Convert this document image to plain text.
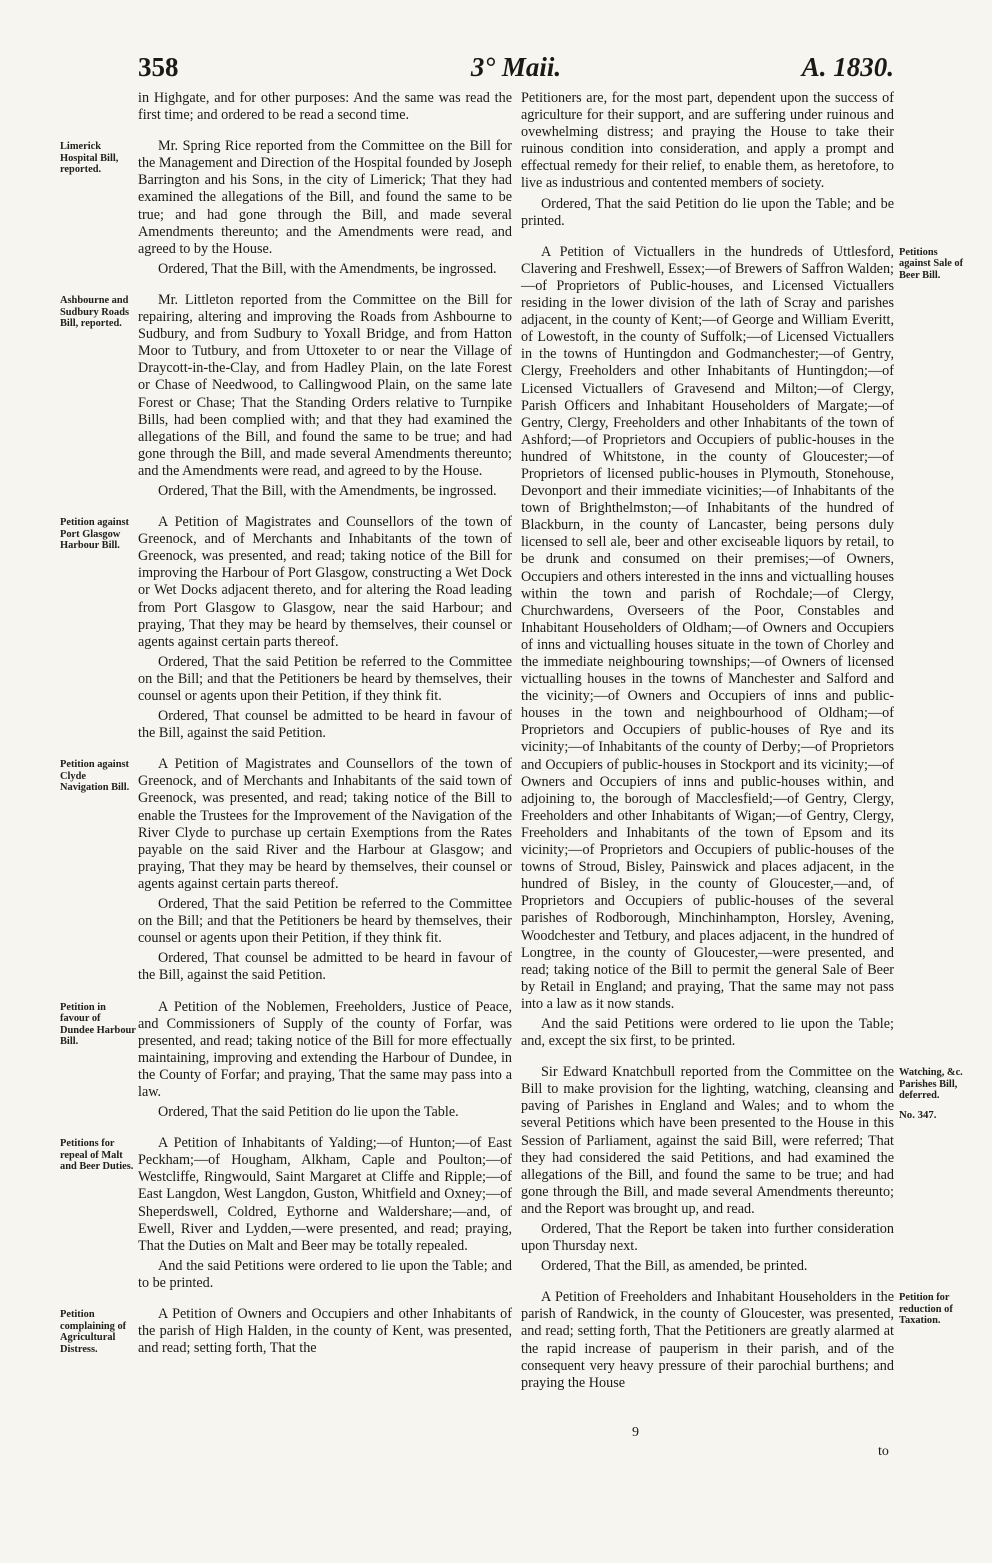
358	3° Maii.	A. 1830.

in Highgate, and for other purposes: And the same was read the first time; and ordered to be read a second time.

Limerick Hospital Bill, reported.

Mr. Spring Rice reported from the Committee on the Bill for the Management and Direction of the Hospital founded by Joseph Barrington and his Sons, in the city of Limerick; That they had examined the allegations of the Bill, and found the same to be true; and had gone through the Bill, and made several Amendments thereunto; and the Amendments were read, and agreed to by the House.

Ordered, That the Bill, with the Amendments, be ingrossed.

Ashbourne and Sudbury Roads Bill, reported.

Mr. Littleton reported from the Committee on the Bill for repairing, altering and improving the Roads from Ashbourne to Sudbury, and from Sudbury to Yoxall Bridge, and from Hatton Moor to Tutbury, and from Uttoxeter to or near the Village of Draycott-in-the-Clay, and from Hadley Plain, on the late Forest or Chase of Needwood, to Callingwood Plain, on the same late Forest or Chase; That the Standing Orders relative to Turnpike Bills, had been complied with; and that they had examined the allegations of the Bill, and found the same to be true; and had gone through the Bill, and made several Amendments thereunto; and the Amendments were read, and agreed to by the House.

Ordered, That the Bill, with the Amendments, be ingrossed.

Petition against Port Glasgow Harbour Bill.

A Petition of Magistrates and Counsellors of the town of Greenock, and of Merchants and Inhabitants of the town of Greenock, was presented, and read; taking notice of the Bill for improving the Harbour of Port Glasgow, constructing a Wet Dock or Wet Docks adjacent thereto, and for altering the Road leading from Port Glasgow to Glasgow, near the said Harbour; and praying, That they may be heard by themselves, their counsel or agents against certain parts thereof.

Ordered, That the said Petition be referred to the Committee on the Bill; and that the Petitioners be heard by themselves, their counsel or agents upon their Petition, if they think fit.

Ordered, That counsel be admitted to be heard in favour of the Bill, against the said Petition.

Petition against Clyde Navigation Bill.

A Petition of Magistrates and Counsellors of the town of Greenock, and of Merchants and Inhabitants of the said town of Greenock, was presented, and read; taking notice of the Bill to enable the Trustees for the Improvement of the Navigation of the River Clyde to purchase up certain Exemptions from the Rates payable on the said River and the Harbour at Glasgow; and praying, That they may be heard by themselves, their counsel or agents against certain parts thereof.

Ordered, That the said Petition be referred to the Committee on the Bill; and that the Petitioners be heard by themselves, their counsel or agents upon their Petition, if they think fit.

Ordered, That counsel be admitted to be heard in favour of the Bill, against the said Petition.

Petition in favour of Dundee Harbour Bill.

A Petition of the Noblemen, Freeholders, Justice of Peace, and Commissioners of Supply of the county of Forfar, was presented, and read; taking notice of the Bill for more effectually maintaining, improving and extending the Harbour of Dundee, in the County of Forfar; and praying, That the same may pass into a law.

Ordered, That the said Petition do lie upon the Table.

Petitions for repeal of Malt and Beer Duties.

A Petition of Inhabitants of Yalding;—of Hunton;—of East Peckham;—of Hougham, Alkham, Caple and Poulton;—of Westcliffe, Ringwould, Saint Margaret at Cliffe and Ripple;—of East Langdon, West Langdon, Guston, Whitfield and Oxney;—of Sheperdswell, Coldred, Eythorne and Waldershare;—and, of Ewell, River and Lydden,—were presented, and read; praying, That the Duties on Malt and Beer may be totally repealed.

And the said Petitions were ordered to lie upon the Table; and to be printed.

Petition complaining of Agricultural Distress.

A Petition of Owners and Occupiers and other Inhabitants of the parish of High Halden, in the county of Kent, was presented, and read; setting forth, That the

Petitioners are, for the most part, dependent upon the success of agriculture for their support, and are suffering under ruinous and ovewhelming distress; and praying the House to take their ruinous condition into consideration, and apply a prompt and effectual remedy for their relief, to enable them, as heretofore, to live as industrious and contented members of society.

Ordered, That the said Petition do lie upon the Table; and be printed.

Petitions against Sale of Beer Bill.

A Petition of Victuallers in the hundreds of Uttlesford, Clavering and Freshwell, Essex;—of Brewers of Saffron Walden;—of Proprietors of Public-houses, and Licensed Victuallers residing in the lower division of the lath of Scray and parishes adjacent, in the county of Kent;—of George and William Everitt, of Lowestoft, in the county of Suffolk;—of Licensed Victuallers in the towns of Huntingdon and Godmanchester;—of Gentry, Clergy, Freeholders and other Inhabitants of Huntingdon;—of Licensed Victuallers of Gravesend and Milton;—of Clergy, Parish Officers and Inhabitant Householders of Margate;—of Gentry, Clergy, Freeholders and other Inhabitants of the town of Ashford;—of Proprietors and Occupiers of public-houses in the hundred of Whitstone, in the county of Gloucester;—of Proprietors of licensed public-houses in Plymouth, Stonehouse, Devonport and their immediate vicinities;—of Inhabitants of the town of Brighthelmston;—of Inhabitants of the hundred of Blackburn, in the county of Lancaster, being persons duly licensed to sell ale, beer and other exciseable liquors by retail, to be drunk and consumed on their premises;—of Owners, Occupiers and others interested in the inns and victualling houses within the town and parish of Rochdale;—of Clergy, Churchwardens, Overseers of the Poor, Constables and Inhabitant Householders of Oldham;—of Owners and Occupiers of inns and victualling houses situate in the town of Chorley and the immediate neighbouring townships;—of Owners of licensed victualling houses in the towns of Manchester and Salford and the vicinity;—of Owners and Occupiers of inns and public-houses in the town and neighbourhood of Oldham;—of Proprietors and Occupiers of public-houses of Rye and its vicinity;—of Inhabitants of the county of Derby;—of Proprietors and Occupiers of public-houses in Stockport and its vicinity;—of Owners and Occupiers of inns and public-houses within, and adjoining to, the borough of Macclesfield;—of Gentry, Clergy, Freeholders and other Inhabitants of Wigan;—of Gentry, Clergy, Freeholders and Inhabitants of the town of Epsom and its vicinity;—of Proprietors and Occupiers of public-houses of the towns of Stroud, Bisley, Painswick and places adjacent, in the hundred of Bisley, in the county of Gloucester,—and, of Proprietors and Occupiers of public-houses of the several parishes of Rodborough, Minchinhampton, Horsley, Avening, Woodchester and Tetbury, and places adjacent, in the hundred of Longtree, in the county of Gloucester,—were presented, and read; taking notice of the Bill to permit the general Sale of Beer by Retail in England; and praying, That the same may not pass into a law as it now stands.

And the said Petitions were ordered to lie upon the Table; and, except the six first, to be printed.

Watching, &c. Parishes Bill, deferred.
No. 347.

Sir Edward Knatchbull reported from the Committee on the Bill to make provision for the lighting, watching, cleansing and paving of Parishes in England and Wales; and to whom the several Petitions which have been presented to the House in this Session of Parliament, against the said Bill, were referred; That they had considered the said Petitions, and had examined the allegations of the Bill, and found the same to be true; and had gone through the Bill, and made several Amendments thereunto; and the Report was brought up, and read.

Ordered, That the Report be taken into further consideration upon Thursday next.

Ordered, That the Bill, as amended, be printed.

Petition for reduction of Taxation.

A Petition of Freeholders and Inhabitant Householders in the parish of Randwick, in the county of Gloucester, was presented, and read; setting forth, That the Petitioners are greatly alarmed at the rapid increase of pauperism in their parish, and of the consequent very heavy pressure of their parochial burthens; and praying the House

9
to
